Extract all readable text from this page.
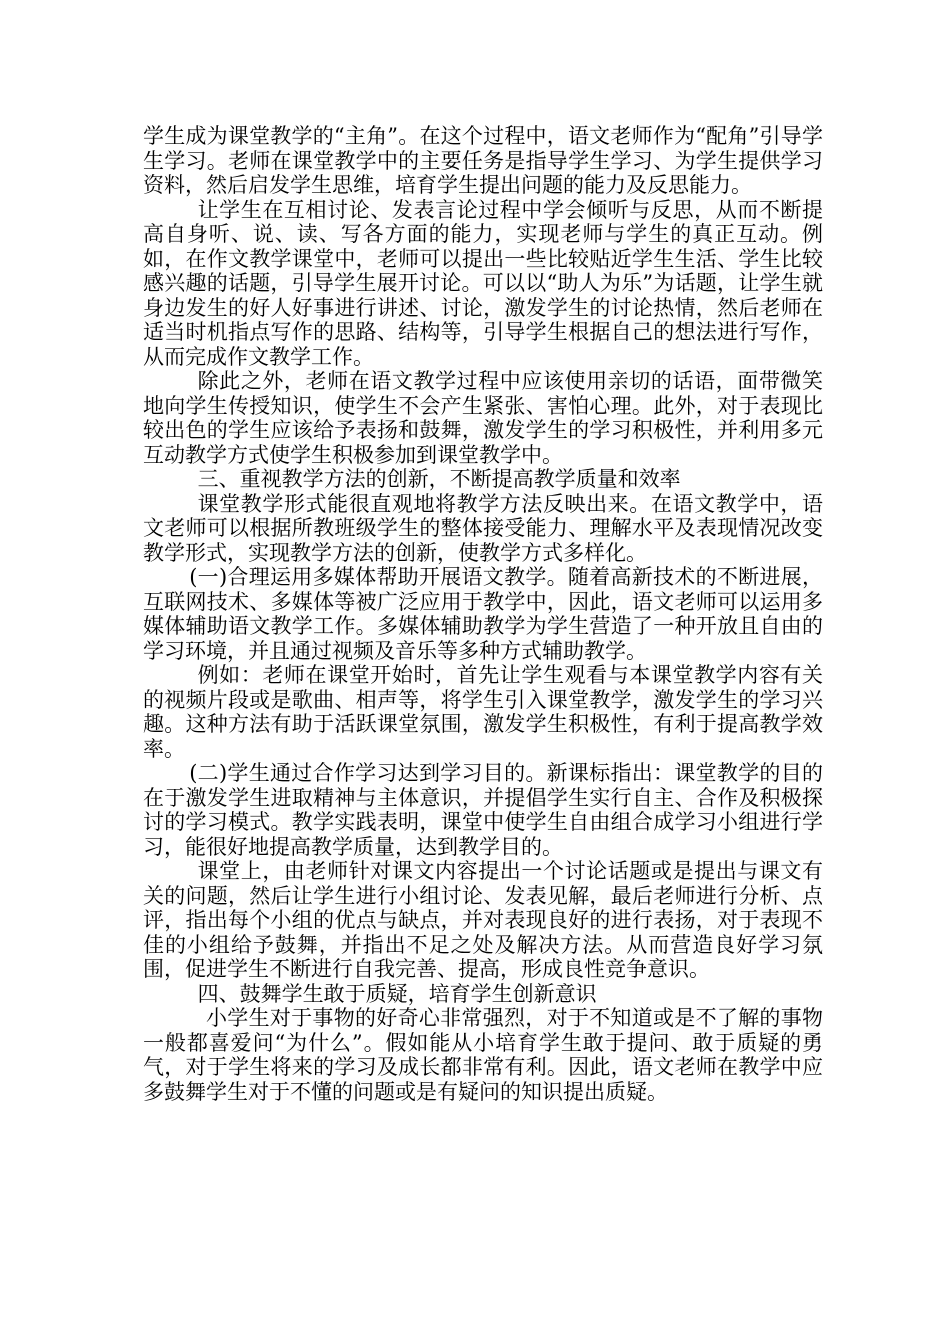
学生成为课堂教学的“主角”。在这个过程中，语文老师作为“配角”引导学生学习。老师在课堂教学中的主要任务是指导学生学习、为学生提供学习资料，然后启发学生思维，培育学生提出问题的能力及反思能力。

让学生在互相讨论、发表言论过程中学会倾听与反思，从而不断提高自身听、说、读、写各方面的能力，实现老师与学生的真正互动。例如，在作文教学课堂中，老师可以提出一些比较贴近学生生活、学生比较感兴趣的话题，引导学生展开讨论。可以以“助人为乐”为话题，让学生就身边发生的好人好事进行讲述、讨论，激发学生的讨论热情，然后老师在适当时机指点写作的思路、结构等，引导学生根据自己的想法进行写作，从而完成作文教学工作。

除此之外，老师在语文教学过程中应该使用亲切的话语，面带微笑地向学生传授知识，使学生不会产生紧张、害怕心理。此外，对于表现比较出色的学生应该给予表扬和鼓舞，激发学生的学习积极性，并利用多元互动教学方式使学生积极参加到课堂教学中。

三、重视教学方法的创新，不断提高教学质量和效率

课堂教学形式能很直观地将教学方法反映出来。在语文教学中，语文老师可以根据所教班级学生的整体接受能力、理解水平及表现情况改变教学形式，实现教学方法的创新，使教学方式多样化。

(一)合理运用多媒体帮助开展语文教学。随着高新技术的不断进展，互联网技术、多媒体等被广泛应用于教学中，因此，语文老师可以运用多媒体辅助语文教学工作。多媒体辅助教学为学生营造了一种开放且自由的学习环境，并且通过视频及音乐等多种方式辅助教学。

例如：老师在课堂开始时，首先让学生观看与本课堂教学内容有关的视频片段或是歌曲、相声等，将学生引入课堂教学，激发学生的学习兴趣。这种方法有助于活跃课堂氛围，激发学生积极性，有利于提高教学效率。

(二)学生通过合作学习达到学习目的。新课标指出：课堂教学的目的在于激发学生进取精神与主体意识，并提倡学生实行自主、合作及积极探讨的学习模式。教学实践表明，课堂中使学生自由组合成学习小组进行学习，能很好地提高教学质量，达到教学目的。

课堂上，由老师针对课文内容提出一个讨论话题或是提出与课文有关的问题，然后让学生进行小组讨论、发表见解，最后老师进行分析、点评，指出每个小组的优点与缺点，并对表现良好的进行表扬，对于表现不佳的小组给予鼓舞，并指出不足之处及解决方法。从而营造良好学习氛围，促进学生不断进行自我完善、提高，形成良性竞争意识。

四、鼓舞学生敢于质疑，培育学生创新意识

小学生对于事物的好奇心非常强烈，对于不知道或是不了解的事物一般都喜爱问“为什么”。假如能从小培育学生敢于提问、敢于质疑的勇气，对于学生将来的学习及成长都非常有利。因此，语文老师在教学中应多鼓舞学生对于不懂的问题或是有疑问的知识提出质疑。
